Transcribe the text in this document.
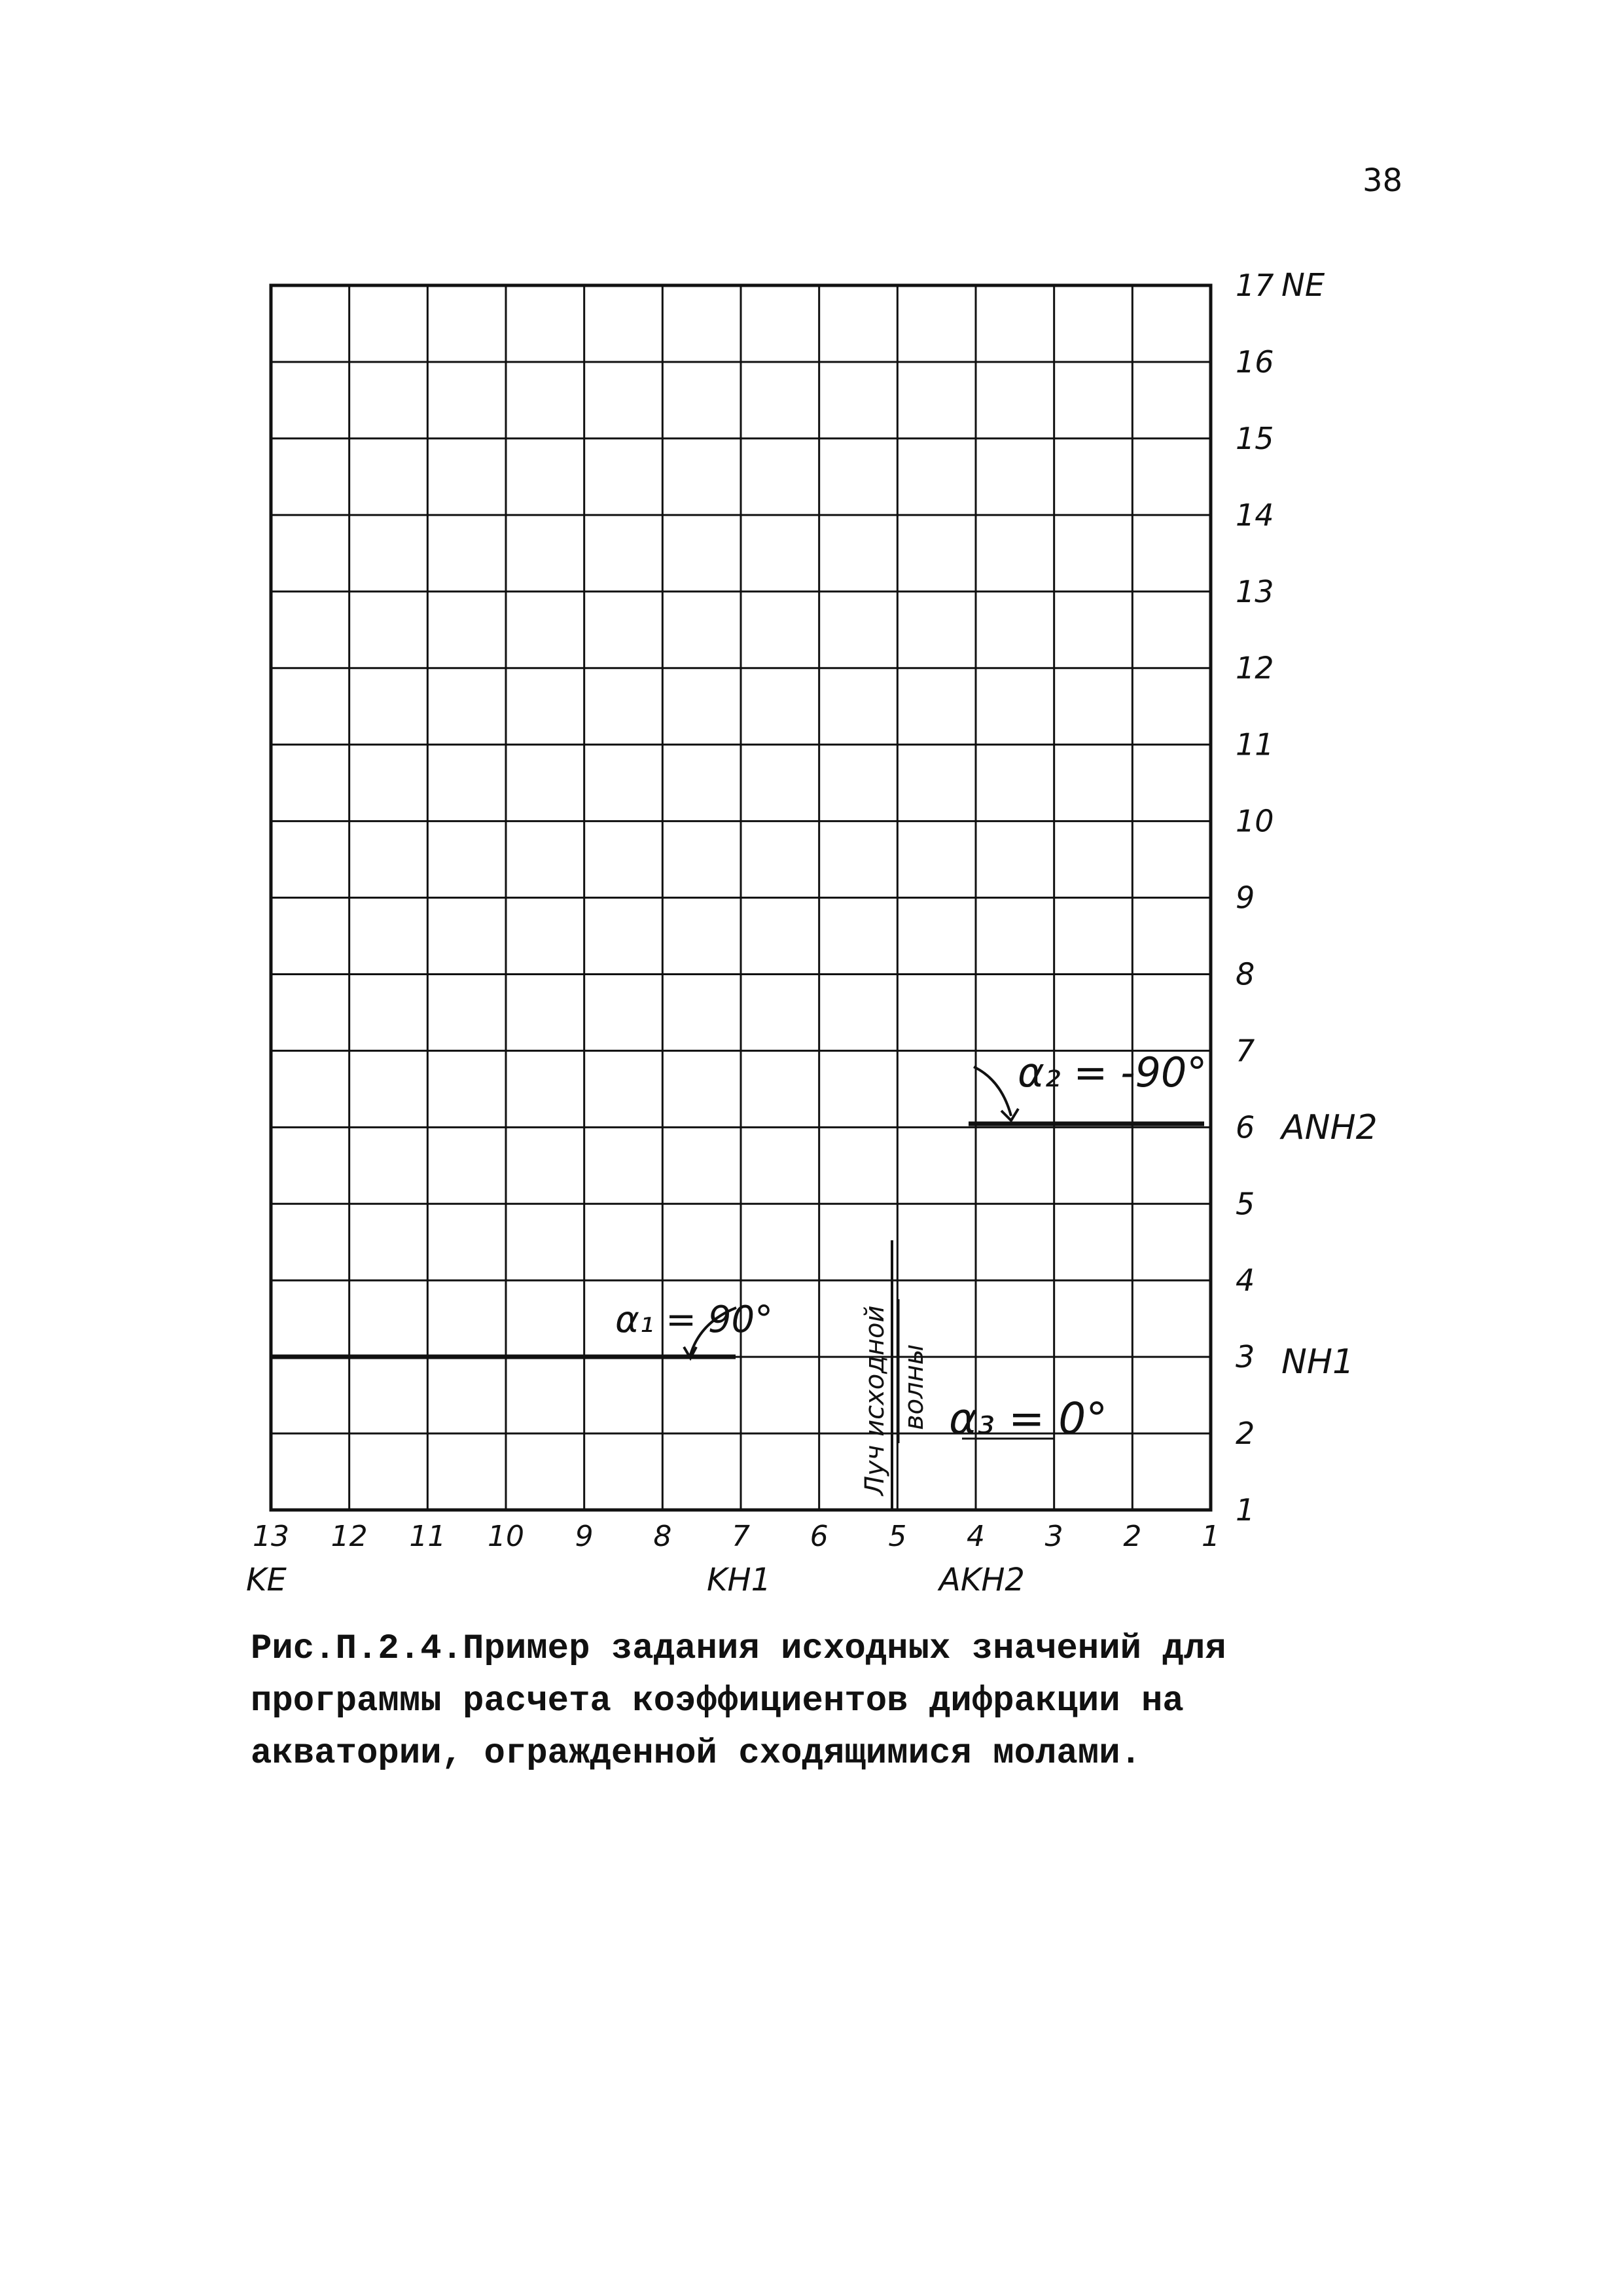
38
13 12 11 10 9 8 7 6 5 4 3 2 1
17
16
15
14
13
12
11
10
9
8
7
6
5
4
3
2
1
α₁ = 90°
α₂ = -90°
α₃ = 0°
Луч исходной волны
KE	KH1	AKH2
NE
ANH2
NH1
Рис.П.2.4.Пример задания исходных значений для
программы расчета коэффициентов дифракции на
акватории, огражденной сходящимися молами.
